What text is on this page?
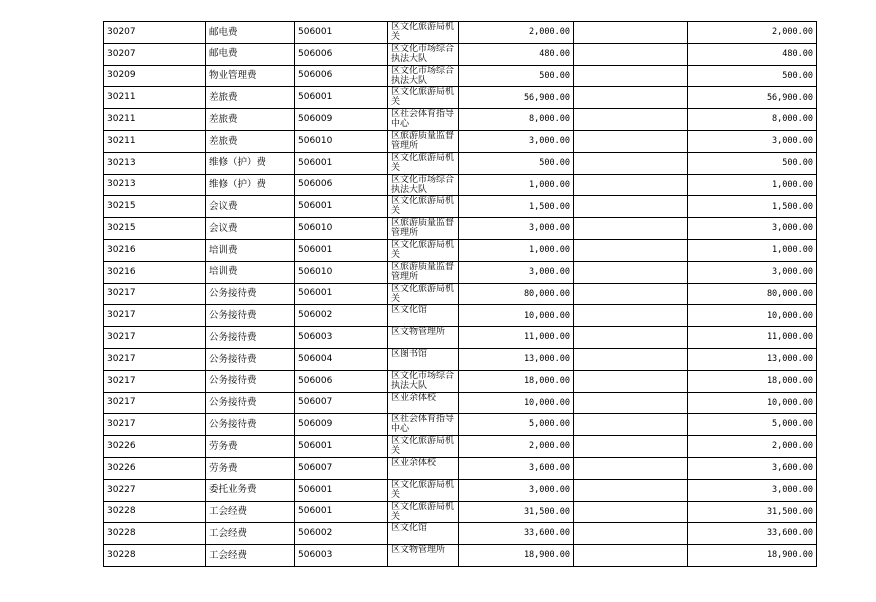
30207	邮电费	506001	区文化旅游局机关	2,000.00		2,000.00
30207	邮电费	506006	区文化市场综合执法大队	480.00		480.00
30209	物业管理费	506006	区文化市场综合执法大队	500.00		500.00
30211	差旅费	506001	区文化旅游局机关	56,900.00		56,900.00
30211	差旅费	506009	区社会体育指导中心	8,000.00		8,000.00
30211	差旅费	506010	区旅游质量监督管理所	3,000.00		3,000.00
30213	维修（护）费	506001	区文化旅游局机关	500.00		500.00
30213	维修（护）费	506006	区文化市场综合执法大队	1,000.00		1,000.00
30215	会议费	506001	区文化旅游局机关	1,500.00		1,500.00
30215	会议费	506010	区旅游质量监督管理所	3,000.00		3,000.00
30216	培训费	506001	区文化旅游局机关	1,000.00		1,000.00
30216	培训费	506010	区旅游质量监督管理所	3,000.00		3,000.00
30217	公务接待费	506001	区文化旅游局机关	80,000.00		80,000.00
30217	公务接待费	506002	区文化馆	10,000.00		10,000.00
30217	公务接待费	506003	区文物管理所	11,000.00		11,000.00
30217	公务接待费	506004	区图书馆	13,000.00		13,000.00
30217	公务接待费	506006	区文化市场综合执法大队	18,000.00		18,000.00
30217	公务接待费	506007	区业余体校	10,000.00		10,000.00
30217	公务接待费	506009	区社会体育指导中心	5,000.00		5,000.00
30226	劳务费	506001	区文化旅游局机关	2,000.00		2,000.00
30226	劳务费	506007	区业余体校	3,600.00		3,600.00
30227	委托业务费	506001	区文化旅游局机关	3,000.00		3,000.00
30228	工会经费	506001	区文化旅游局机关	31,500.00		31,500.00
30228	工会经费	506002	区文化馆	33,600.00		33,600.00
30228	工会经费	506003	区文物管理所	18,900.00		18,900.00
